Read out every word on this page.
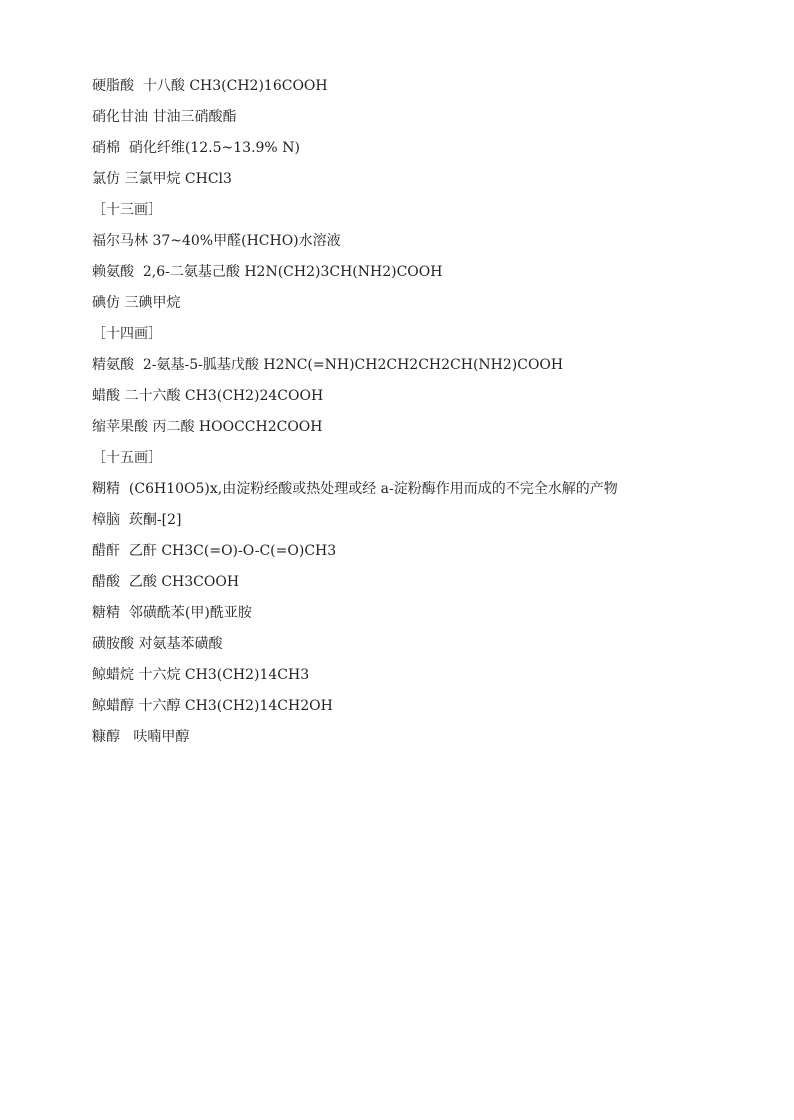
硬脂酸  十八酸 CH3(CH2)16COOH
硝化甘油 甘油三硝酸酯
硝棉  硝化纤维(12.5~13.9% N)
氯仿 三氯甲烷 CHCl3
［十三画］
福尔马林 37~40%甲醛(HCHO)水溶液
赖氨酸  2,6-二氨基己酸 H2N(CH2)3CH(NH2)COOH
碘仿 三碘甲烷
［十四画］
精氨酸  2-氨基-5-胍基戊酸 H2NC(=NH)CH2CH2CH2CH(NH2)COOH
蜡酸 二十六酸 CH3(CH2)24COOH
缩苹果酸 丙二酸 HOOCCH2COOH
［十五画］
糊精  (C6H10O5)x,由淀粉经酸或热处理或经 a-淀粉酶作用而成的不完全水解的产物
樟脑  莰酮-[2]
醋酐  乙酐 CH3C(=O)-O-C(=O)CH3
醋酸  乙酸 CH3COOH
糖精  邻磺酰苯(甲)酰亚胺
磺胺酸 对氨基苯磺酸
鲸蜡烷 十六烷 CH3(CH2)14CH3
鲸蜡醇 十六醇 CH3(CH2)14CH2OH
糠醇   呋喃甲醇
